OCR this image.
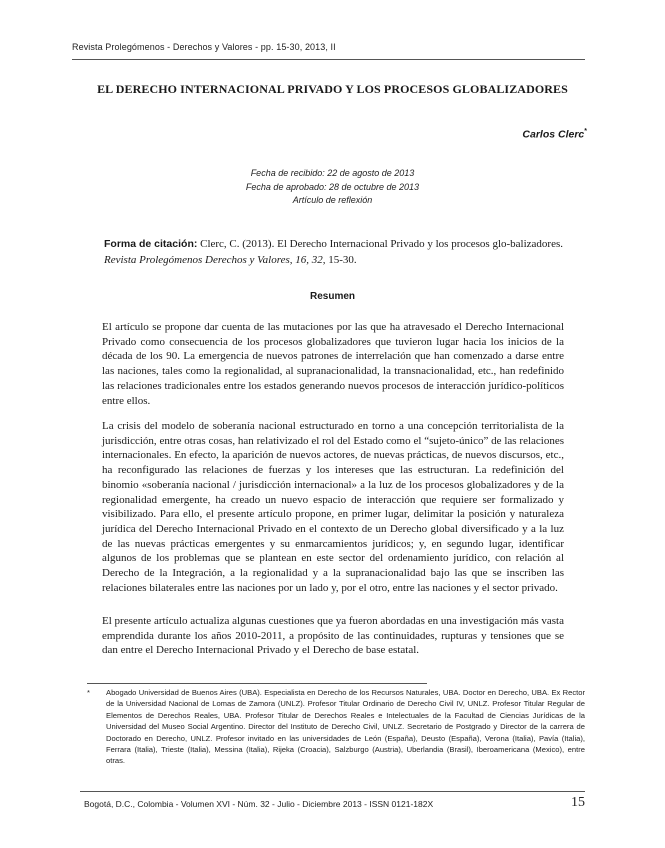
Revista Prolegómenos - Derechos y Valores - pp. 15-30, 2013, II
EL DERECHO INTERNACIONAL PRIVADO Y LOS PROCESOS GLOBALIZADORES
Carlos Clerc*
Fecha de recibido: 22 de agosto de 2013
Fecha de aprobado: 28 de octubre de 2013
Artículo de reflexión
Forma de citación: Clerc, C. (2013). El Derecho Internacional Privado y los procesos glo-balizadores. Revista Prolegómenos Derechos y Valores, 16, 32, 15-30.
Resumen

El artículo se propone dar cuenta de las mutaciones por las que ha atravesado el Derecho Internacional Privado como consecuencia de los procesos globalizadores que tuvieron lugar hacia los inicios de la década de los 90. La emergencia de nuevos patrones de interrelación que han comenzado a darse entre las naciones, tales como la regionalidad, al supranacionalidad, la transnacionalidad, etc., han redefinido las relaciones tradicionales entre los estados generando nuevos procesos de interacción jurídico-políticos entre ellos.

La crisis del modelo de soberanía nacional estructurado en torno a una concepción territorialista de la jurisdicción, entre otras cosas, han relativizado el rol del Estado como el “sujeto-único” de las relaciones internacionales. En efecto, la aparición de nuevos actores, de nuevas prácticas, de nuevos discursos, etc., ha reconfigurado las relaciones de fuerzas y los intereses que las estructuran. La redefinición del binomio «soberanía nacional / jurisdicción internacional» a la luz de los procesos globalizadores y de la regionalidad emergente, ha creado un nuevo espacio de interacción que requiere ser formalizado y visibilizado. Para ello, el presente artículo propone, en primer lugar, delimitar la posición y naturaleza jurídica del Derecho Internacional Privado en el contexto de un Derecho global diversificado y a la luz de las nuevas prácticas emergentes y su enmarcamientos jurídicos; y, en segundo lugar, identificar algunos de los problemas que se plantean en este sector del ordenamiento jurídico, con relación al Derecho de la Integración, a la regionalidad y a la supranacionalidad bajo las que se inscriben las relaciones bilaterales entre las naciones por un lado y, por el otro, entre las naciones y el sector privado.

El presente artículo actualiza algunas cuestiones que ya fueron abordadas en una investigación más vasta emprendida durante los años 2010-2011, a propósito de las continuidades, rupturas y tensiones que se dan entre el Derecho Internacional Privado y el Derecho de base estatal.

* Abogado Universidad de Buenos Aires (UBA). Especialista en Derecho de los Recursos Naturales, UBA. Doctor en Derecho, UBA. Ex Rector de la Universidad Nacional de Lomas de Zamora (UNLZ). Profesor Titular Ordinario de Derecho Civil IV, UNLZ. Profesor Titular Regular de Elementos de Derechos Reales, UBA. Profesor Titular de Derechos Reales e Intelectuales de la Facultad de Ciencias Jurídicas de la Universidad del Museo Social Argentino. Director del Instituto de Derecho Civil, UNLZ. Secretario de Postgrado y Director de la carrera de Doctorado en Derecho, UNLZ. Profesor invitado en las universidades de León (España), Deusto (España), Verona (Italia), Pavía (Italia), Ferrara (Italia), Trieste (Italia), Messina (Italia), Rijeka (Croacia), Salzburgo (Austria), Uberlandia (Brasil), Iberoamericana (Mexico), entre otras.
Bogotá, D.C., Colombia - Volumen XVI - Núm. 32 - Julio - Diciembre 2013 - ISSN 0121-182X	15
